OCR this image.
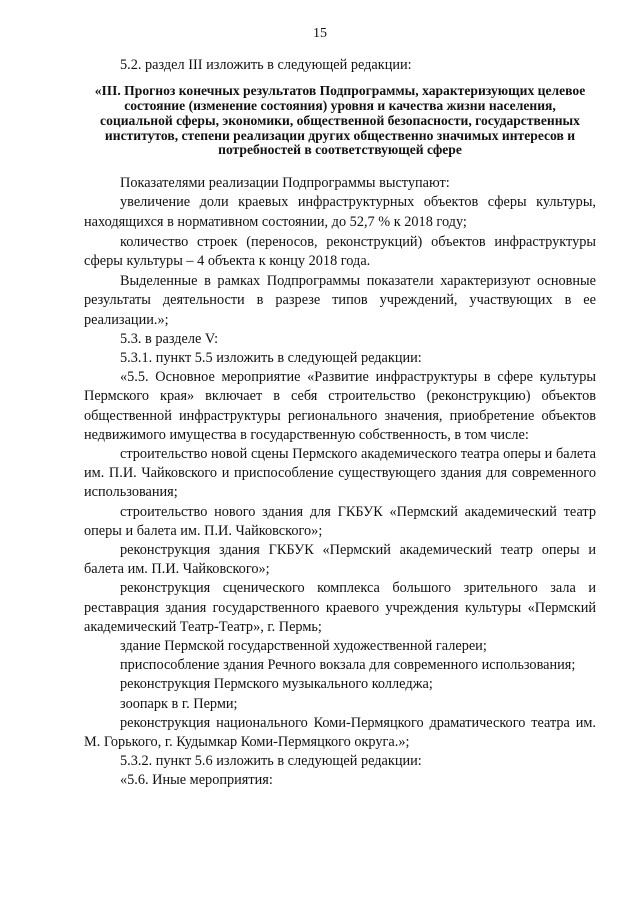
15

5.2. раздел III изложить в следующей редакции:

«III. Прогноз конечных результатов Подпрограммы, характеризующих целевое состояние (изменение состояния) уровня и качества жизни населения, социальной сферы, экономики, общественной безопасности, государственных институтов, степени реализации других общественно значимых интересов и потребностей в соответствующей сфере

Показателями реализации Подпрограммы выступают:

увеличение доли краевых инфраструктурных объектов сферы культуры, находящихся в нормативном состоянии, до 52,7 % к 2018 году;

количество строек (переносов, реконструкций) объектов инфраструктуры сферы культуры – 4 объекта к концу 2018 года.

Выделенные в рамках Подпрограммы показатели характеризуют основные результаты деятельности в разрезе типов учреждений, участвующих в ее реализации.»;

5.3. в разделе V:

5.3.1. пункт 5.5 изложить в следующей редакции:

«5.5. Основное мероприятие «Развитие инфраструктуры в сфере культуры Пермского края» включает в себя строительство (реконструкцию) объектов общественной инфраструктуры регионального значения, приобретение объектов недвижимого имущества в государственную собственность, в том числе:

строительство новой сцены Пермского академического театра оперы и балета им. П.И. Чайковского и приспособление существующего здания для современного использования;

строительство нового здания для ГКБУК «Пермский академический театр оперы и балета им. П.И. Чайковского»;

реконструкция здания ГКБУК «Пермский академический театр оперы и балета им. П.И. Чайковского»;

реконструкция сценического комплекса большого зрительного зала и реставрация здания государственного краевого учреждения культуры «Пермский академический Театр-Театр», г. Пермь;

здание Пермской государственной художественной галереи;

приспособление здания Речного вокзала для современного использования;

реконструкция Пермского музыкального колледжа;

зоопарк в г. Перми;

реконструкция национального Коми-Пермяцкого драматического театра им. М. Горького, г. Кудымкар Коми-Пермяцкого округа.»;

5.3.2. пункт 5.6 изложить в следующей редакции:

«5.6. Иные мероприятия:
